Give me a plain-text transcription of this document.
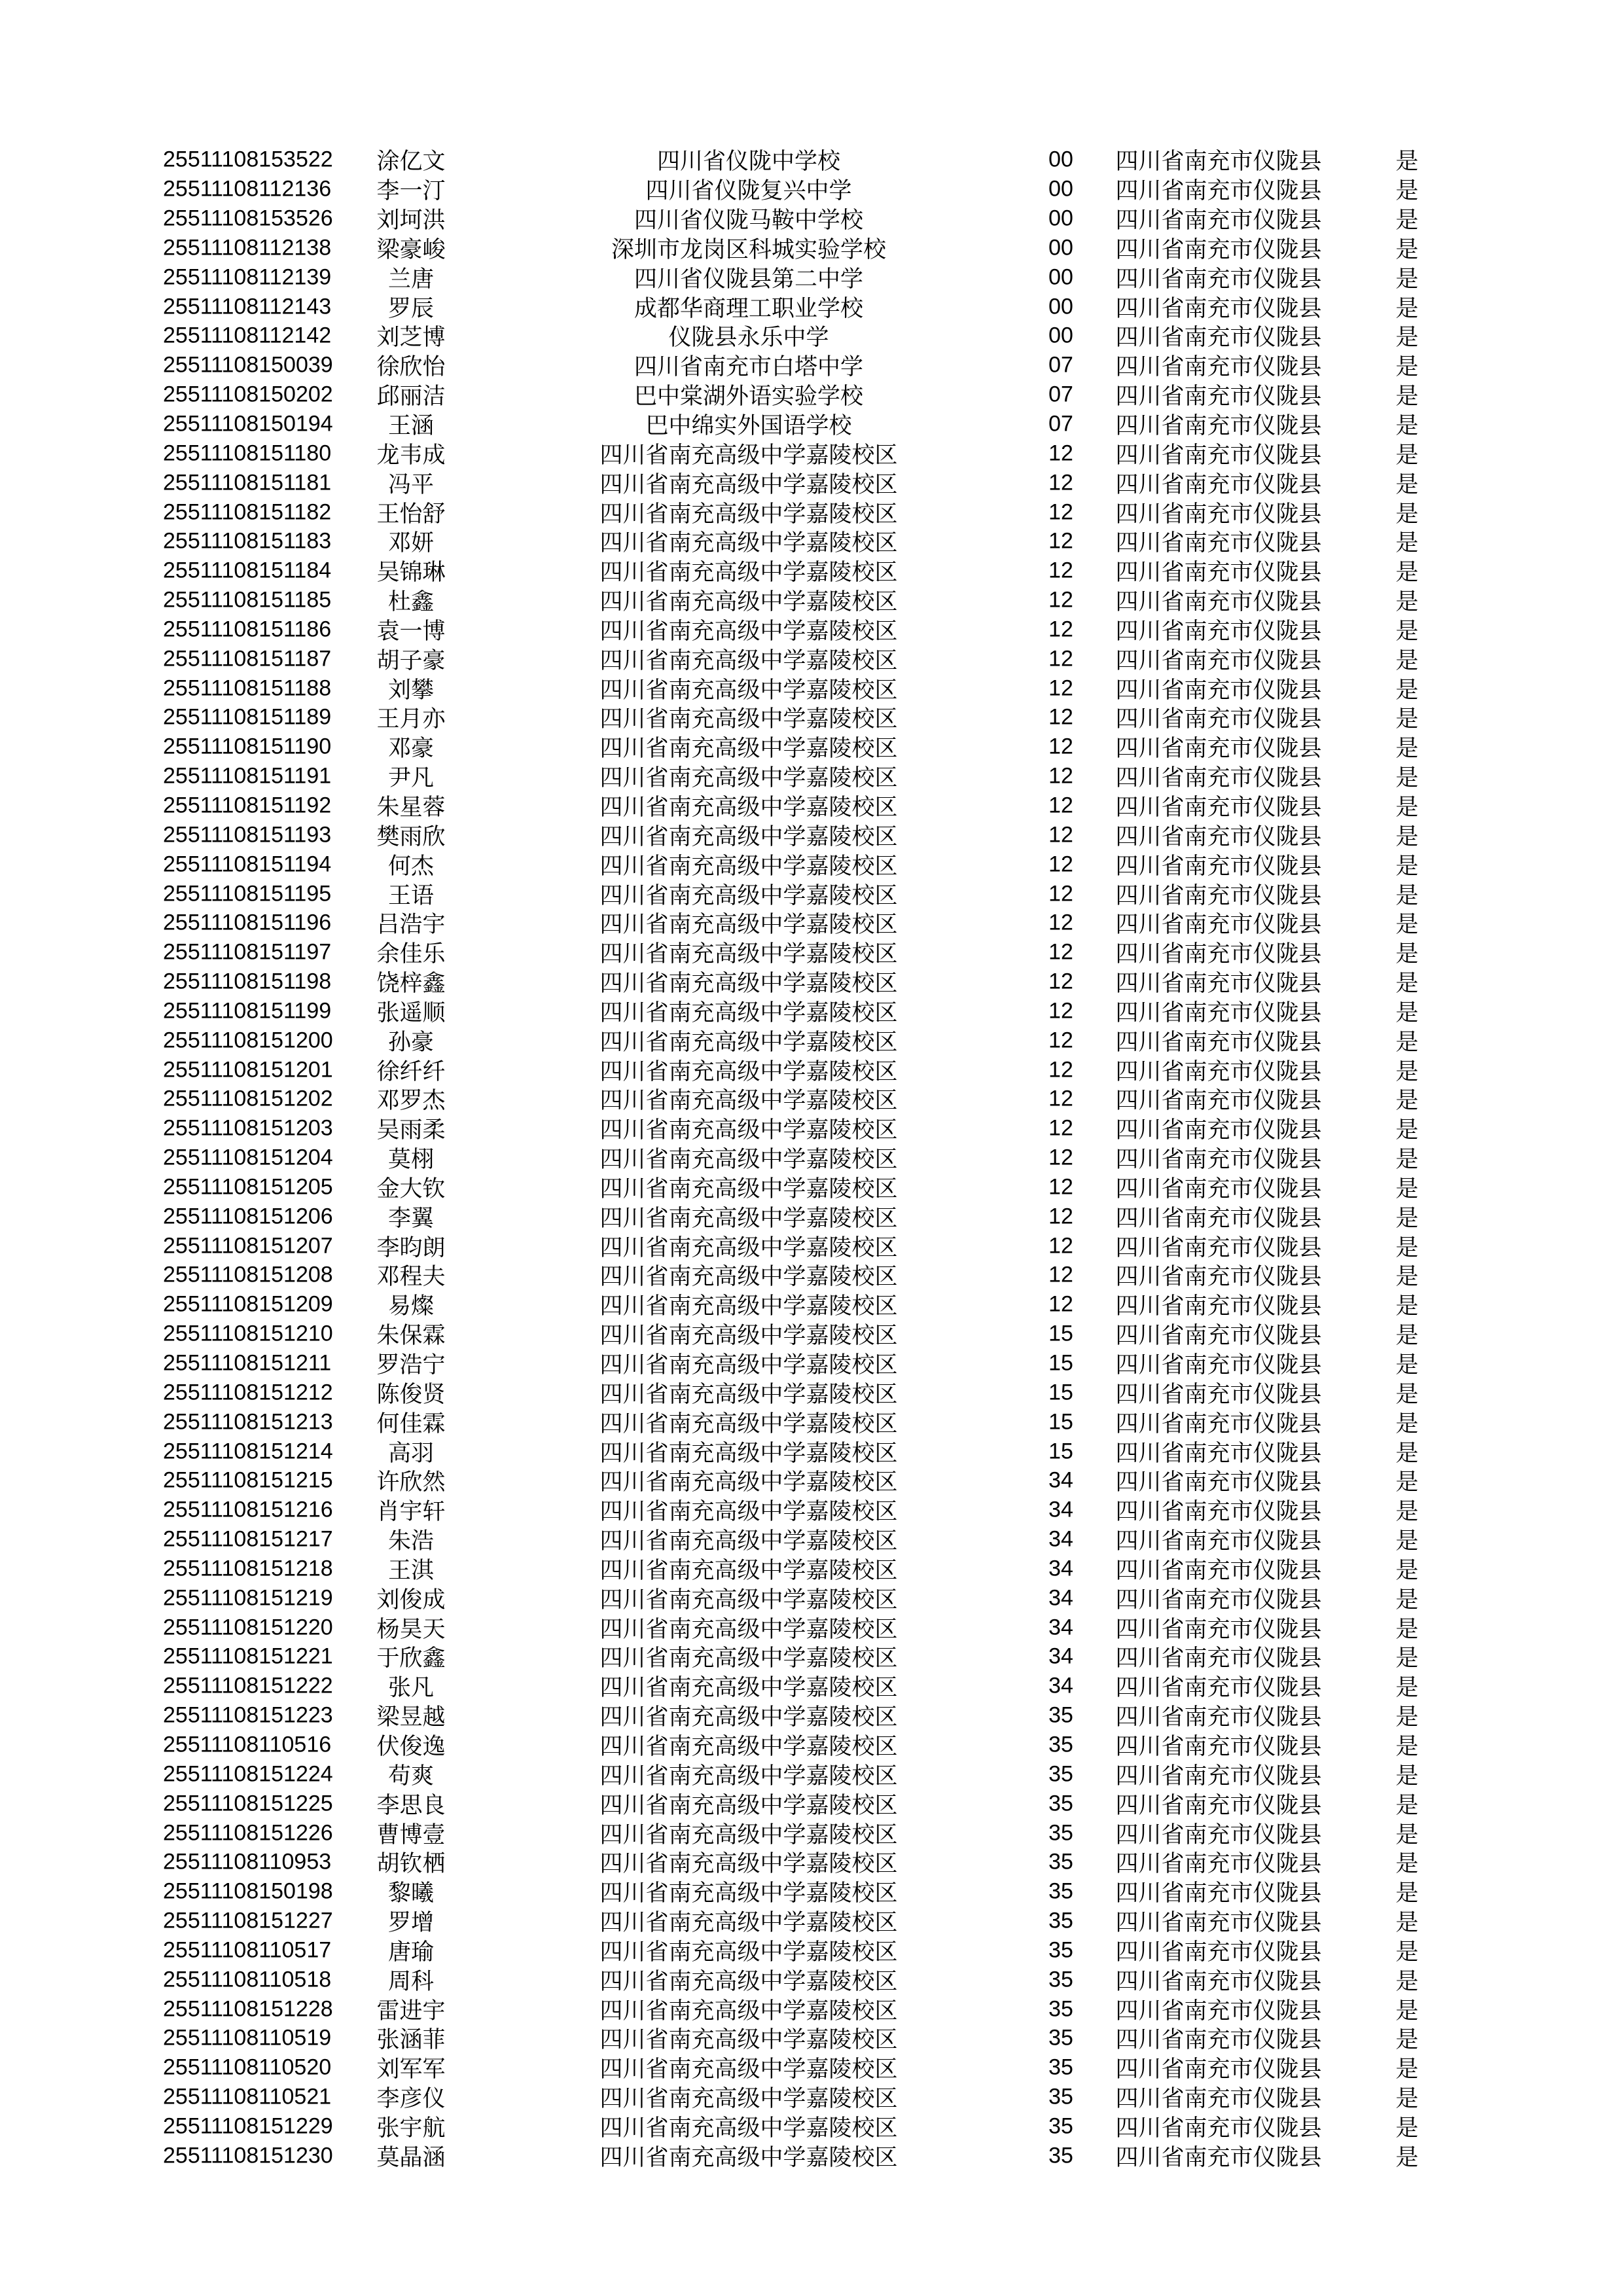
25511108153522 涂亿文	四川省仪陇中学校	00 四川省南充市仪陇县	是
25511108112136 李一汀	四川省仪陇复兴中学	00 四川省南充市仪陇县	是
25511108153526 刘坷洪	四川省仪陇马鞍中学校	00 四川省南充市仪陇县	是
25511108112138 梁豪峻	深圳市龙岗区科城实验学校	00 四川省南充市仪陇县	是
25511108112139 兰唐	四川省仪陇县第二中学	00 四川省南充市仪陇县	是
25511108112143 罗辰	成都华商理工职业学校	00 四川省南充市仪陇县	是
25511108112142 刘芝博	仪陇县永乐中学	00 四川省南充市仪陇县	是
25511108150039 徐欣怡	四川省南充市白塔中学	07 四川省南充市仪陇县	是
25511108150202 邱丽洁	巴中棠湖外语实验学校	07 四川省南充市仪陇县	是
25511108150194 王涵	巴中绵实外国语学校	07 四川省南充市仪陇县	是
25511108151180 龙韦成	四川省南充高级中学嘉陵校区	12 四川省南充市仪陇县	是
25511108151181 冯平	四川省南充高级中学嘉陵校区	12 四川省南充市仪陇县	是
25511108151182 王怡舒	四川省南充高级中学嘉陵校区	12 四川省南充市仪陇县	是
25511108151183 邓妍	四川省南充高级中学嘉陵校区	12 四川省南充市仪陇县	是
25511108151184 吴锦琳	四川省南充高级中学嘉陵校区	12 四川省南充市仪陇县	是
25511108151185 杜鑫	四川省南充高级中学嘉陵校区	12 四川省南充市仪陇县	是
25511108151186 袁一博	四川省南充高级中学嘉陵校区	12 四川省南充市仪陇县	是
25511108151187 胡子豪	四川省南充高级中学嘉陵校区	12 四川省南充市仪陇县	是
25511108151188 刘攀	四川省南充高级中学嘉陵校区	12 四川省南充市仪陇县	是
25511108151189 王月亦	四川省南充高级中学嘉陵校区	12 四川省南充市仪陇县	是
25511108151190 邓豪	四川省南充高级中学嘉陵校区	12 四川省南充市仪陇县	是
25511108151191 尹凡	四川省南充高级中学嘉陵校区	12 四川省南充市仪陇县	是
25511108151192 朱星蓉	四川省南充高级中学嘉陵校区	12 四川省南充市仪陇县	是
25511108151193 樊雨欣	四川省南充高级中学嘉陵校区	12 四川省南充市仪陇县	是
25511108151194 何杰	四川省南充高级中学嘉陵校区	12 四川省南充市仪陇县	是
25511108151195 王语	四川省南充高级中学嘉陵校区	12 四川省南充市仪陇县	是
25511108151196 吕浩宇	四川省南充高级中学嘉陵校区	12 四川省南充市仪陇县	是
25511108151197 余佳乐	四川省南充高级中学嘉陵校区	12 四川省南充市仪陇县	是
25511108151198 饶梓鑫	四川省南充高级中学嘉陵校区	12 四川省南充市仪陇县	是
25511108151199 张遥顺	四川省南充高级中学嘉陵校区	12 四川省南充市仪陇县	是
25511108151200 孙豪	四川省南充高级中学嘉陵校区	12 四川省南充市仪陇县	是
25511108151201 徐纤纤	四川省南充高级中学嘉陵校区	12 四川省南充市仪陇县	是
25511108151202 邓罗杰	四川省南充高级中学嘉陵校区	12 四川省南充市仪陇县	是
25511108151203 吴雨柔	四川省南充高级中学嘉陵校区	12 四川省南充市仪陇县	是
25511108151204 莫栩	四川省南充高级中学嘉陵校区	12 四川省南充市仪陇县	是
25511108151205 金大钦	四川省南充高级中学嘉陵校区	12 四川省南充市仪陇县	是
25511108151206 李翼	四川省南充高级中学嘉陵校区	12 四川省南充市仪陇县	是
25511108151207 李昀朗	四川省南充高级中学嘉陵校区	12 四川省南充市仪陇县	是
25511108151208 邓程夫	四川省南充高级中学嘉陵校区	12 四川省南充市仪陇县	是
25511108151209 易燦	四川省南充高级中学嘉陵校区	12 四川省南充市仪陇县	是
25511108151210 朱保霖	四川省南充高级中学嘉陵校区	15 四川省南充市仪陇县	是
25511108151211 罗浩宁	四川省南充高级中学嘉陵校区	15 四川省南充市仪陇县	是
25511108151212 陈俊贤	四川省南充高级中学嘉陵校区	15 四川省南充市仪陇县	是
25511108151213 何佳霖	四川省南充高级中学嘉陵校区	15 四川省南充市仪陇县	是
25511108151214 高羽	四川省南充高级中学嘉陵校区	15 四川省南充市仪陇县	是
25511108151215 许欣然	四川省南充高级中学嘉陵校区	34 四川省南充市仪陇县	是
25511108151216 肖宇轩	四川省南充高级中学嘉陵校区	34 四川省南充市仪陇县	是
25511108151217 朱浩	四川省南充高级中学嘉陵校区	34 四川省南充市仪陇县	是
25511108151218 王淇	四川省南充高级中学嘉陵校区	34 四川省南充市仪陇县	是
25511108151219 刘俊成	四川省南充高级中学嘉陵校区	34 四川省南充市仪陇县	是
25511108151220 杨昊天	四川省南充高级中学嘉陵校区	34 四川省南充市仪陇县	是
25511108151221 于欣鑫	四川省南充高级中学嘉陵校区	34 四川省南充市仪陇县	是
25511108151222 张凡	四川省南充高级中学嘉陵校区	34 四川省南充市仪陇县	是
25511108151223 梁昱越	四川省南充高级中学嘉陵校区	35 四川省南充市仪陇县	是
25511108110516 伏俊逸	四川省南充高级中学嘉陵校区	35 四川省南充市仪陇县	是
25511108151224 苟爽	四川省南充高级中学嘉陵校区	35 四川省南充市仪陇县	是
25511108151225 李思良	四川省南充高级中学嘉陵校区	35 四川省南充市仪陇县	是
25511108151226 曹博壹	四川省南充高级中学嘉陵校区	35 四川省南充市仪陇县	是
25511108110953 胡钦栖	四川省南充高级中学嘉陵校区	35 四川省南充市仪陇县	是
25511108150198 黎曦	四川省南充高级中学嘉陵校区	35 四川省南充市仪陇县	是
25511108151227 罗增	四川省南充高级中学嘉陵校区	35 四川省南充市仪陇县	是
25511108110517 唐瑜	四川省南充高级中学嘉陵校区	35 四川省南充市仪陇县	是
25511108110518 周科	四川省南充高级中学嘉陵校区	35 四川省南充市仪陇县	是
25511108151228 雷进宇	四川省南充高级中学嘉陵校区	35 四川省南充市仪陇县	是
25511108110519 张涵菲	四川省南充高级中学嘉陵校区	35 四川省南充市仪陇县	是
25511108110520 刘军军	四川省南充高级中学嘉陵校区	35 四川省南充市仪陇县	是
25511108110521 李彦仪	四川省南充高级中学嘉陵校区	35 四川省南充市仪陇县	是
25511108151229 张宇航	四川省南充高级中学嘉陵校区	35 四川省南充市仪陇县	是
25511108151230 莫晶涵	四川省南充高级中学嘉陵校区	35 四川省南充市仪陇县	是
